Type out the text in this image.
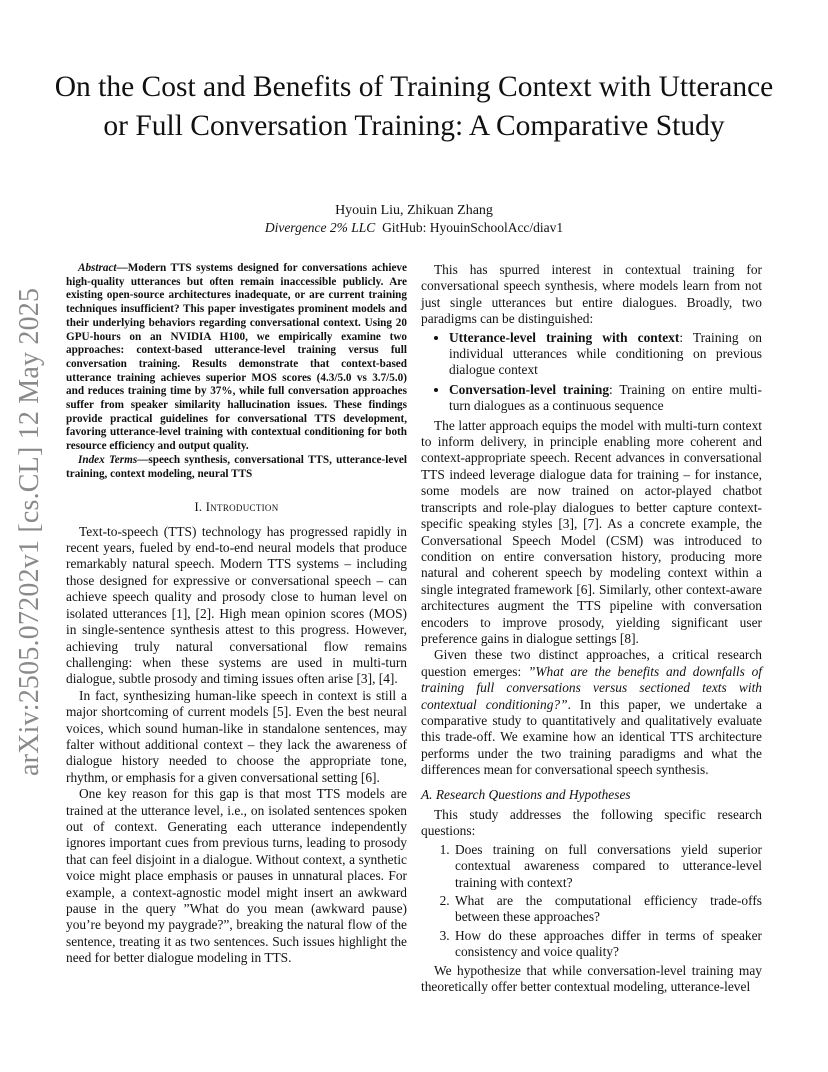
arXiv:2505.07202v1 [cs.CL] 12 May 2025
On the Cost and Benefits of Training Context with Utterance or Full Conversation Training: A Comparative Study
Hyouin Liu, Zhikuan Zhang
Divergence 2% LLC GitHub: HyouinSchoolAcc/diav1

Abstract—Modern TTS systems designed for conversations achieve high-quality utterances but often remain inaccessible publicly. Are existing open-source architectures inadequate, or are current training techniques insufficient? This paper investigates prominent models and their underlying behaviors regarding conversational context. Using 20 GPU-hours on an NVIDIA H100, we empirically examine two approaches: context-based utterance-level training versus full conversation training. Results demonstrate that context-based utterance training achieves superior MOS scores (4.3/5.0 vs 3.7/5.0) and reduces training time by 37%, while full conversation approaches suffer from speaker similarity hallucination issues. These findings provide practical guidelines for conversational TTS development, favoring utterance-level training with contextual conditioning for both resource efficiency and output quality.

Index Terms—speech synthesis, conversational TTS, utterance-level training, context modeling, neural TTS

I. Introduction

Text-to-speech (TTS) technology has progressed rapidly in recent years, fueled by end-to-end neural models that produce remarkably natural speech. Modern TTS systems – including those designed for expressive or conversational speech – can achieve speech quality and prosody close to human level on isolated utterances [1], [2]. High mean opinion scores (MOS) in single-sentence synthesis attest to this progress. However, achieving truly natural conversational flow remains challenging: when these systems are used in multi-turn dialogue, subtle prosody and timing issues often arise [3], [4].

In fact, synthesizing human-like speech in context is still a major shortcoming of current models [5]. Even the best neural voices, which sound human-like in standalone sentences, may falter without additional context – they lack the awareness of dialogue history needed to choose the appropriate tone, rhythm, or emphasis for a given conversational setting [6].

One key reason for this gap is that most TTS models are trained at the utterance level, i.e., on isolated sentences spoken out of context. Generating each utterance independently ignores important cues from previous turns, leading to prosody that can feel disjoint in a dialogue. Without context, a synthetic voice might place emphasis or pauses in unnatural places. For example, a context-agnostic model might insert an awkward pause in the query ”What do you mean (awkward pause) you’re beyond my paygrade?”, breaking the natural flow of the sentence, treating it as two sentences. Such issues highlight the need for better dialogue modeling in TTS.

This has spurred interest in contextual training for conversational speech synthesis, where models learn from not just single utterances but entire dialogues. Broadly, two paradigms can be distinguished:

• Utterance-level training with context: Training on individual utterances while conditioning on previous dialogue context
• Conversation-level training: Training on entire multi-turn dialogues as a continuous sequence

The latter approach equips the model with multi-turn context to inform delivery, in principle enabling more coherent and context-appropriate speech. Recent advances in conversational TTS indeed leverage dialogue data for training – for instance, some models are now trained on actor-played chatbot transcripts and role-play dialogues to better capture context-specific speaking styles [3], [7]. As a concrete example, the Conversational Speech Model (CSM) was introduced to condition on entire conversation history, producing more natural and coherent speech by modeling context within a single integrated framework [6]. Similarly, other context-aware architectures augment the TTS pipeline with conversation encoders to improve prosody, yielding significant user preference gains in dialogue settings [8].

Given these two distinct approaches, a critical research question emerges: ”What are the benefits and downfalls of training full conversations versus sectioned texts with contextual conditioning?”. In this paper, we undertake a comparative study to quantitatively and qualitatively evaluate this trade-off. We examine how an identical TTS architecture performs under the two training paradigms and what the differences mean for conversational speech synthesis.

A. Research Questions and Hypotheses

This study addresses the following specific research questions:

1. Does training on full conversations yield superior contextual awareness compared to utterance-level training with context?
2. What are the computational efficiency trade-offs between these approaches?
3. How do these approaches differ in terms of speaker consistency and voice quality?

We hypothesize that while conversation-level training may theoretically offer better contextual modeling, utterance-level
